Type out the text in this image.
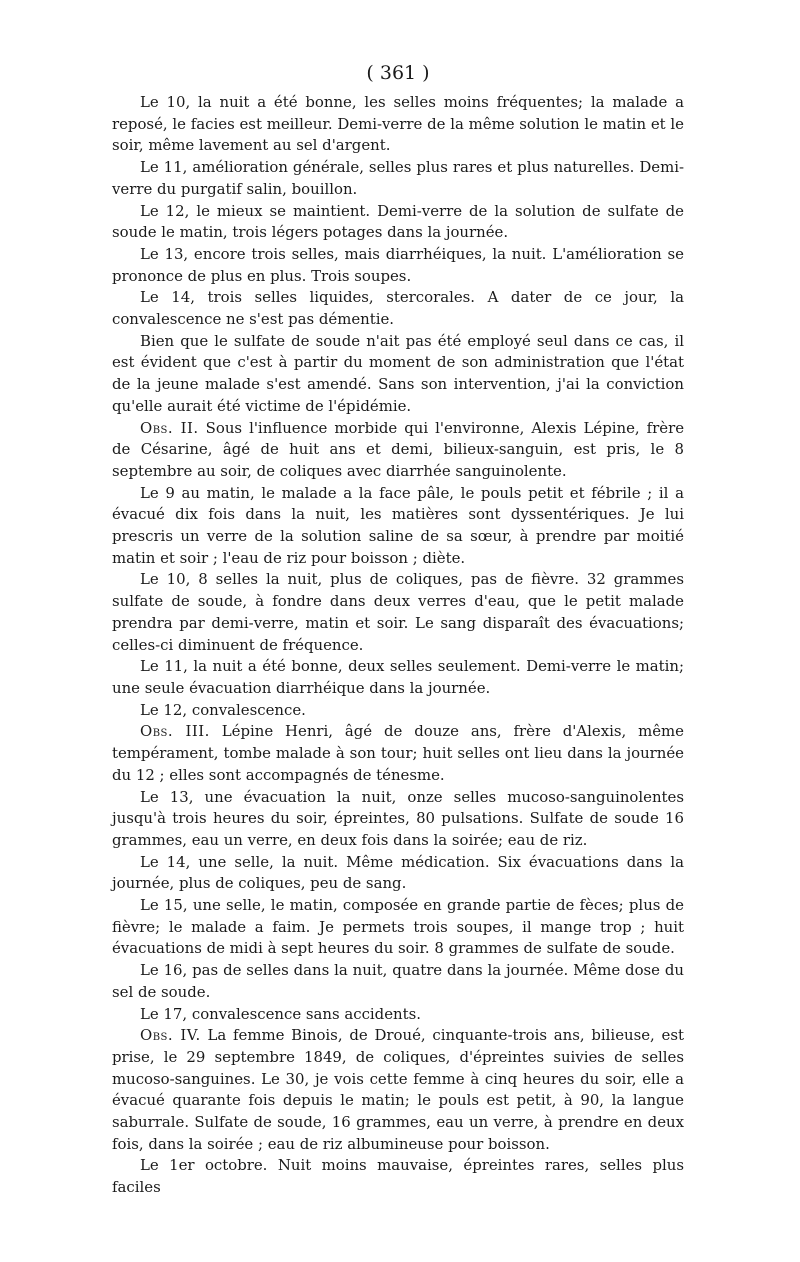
( 361 )

Le 10, la nuit a été bonne, les selles moins fréquentes; la malade a reposé, le facies est meilleur. Demi-verre de la même solution le matin et le soir, même lavement au sel d'argent.

Le 11, amélioration générale, selles plus rares et plus naturelles. Demi-verre du purgatif salin, bouillon.

Le 12, le mieux se maintient. Demi-verre de la solution de sulfate de soude le matin, trois légers potages dans la journée.

Le 13, encore trois selles, mais diarrhéiques, la nuit. L'amélioration se prononce de plus en plus. Trois soupes.

Le 14, trois selles liquides, stercorales. A dater de ce jour, la convalescence ne s'est pas démentie.

Bien que le sulfate de soude n'ait pas été employé seul dans ce cas, il est évident que c'est à partir du moment de son administration que l'état de la jeune malade s'est amendé. Sans son intervention, j'ai la conviction qu'elle aurait été victime de l'épidémie.

Obs. II. Sous l'influence morbide qui l'environne, Alexis Lépine, frère de Césarine, âgé de huit ans et demi, bilieux-sanguin, est pris, le 8 septembre au soir, de coliques avec diarrhée sanguinolente.

Le 9 au matin, le malade a la face pâle, le pouls petit et fébrile ; il a évacué dix fois dans la nuit, les matières sont dyssentériques. Je lui prescris un verre de la solution saline de sa sœur, à prendre par moitié matin et soir ; l'eau de riz pour boisson ; diète.

Le 10, 8 selles la nuit, plus de coliques, pas de fièvre. 32 grammes sulfate de soude, à fondre dans deux verres d'eau, que le petit malade prendra par demi-verre, matin et soir. Le sang disparaît des évacuations; celles-ci diminuent de fréquence.

Le 11, la nuit a été bonne, deux selles seulement. Demi-verre le matin; une seule évacuation diarrhéique dans la journée.

Le 12, convalescence.

Obs. III. Lépine Henri, âgé de douze ans, frère d'Alexis, même tempérament, tombe malade à son tour; huit selles ont lieu dans la journée du 12 ; elles sont accompagnés de ténesme.

Le 13, une évacuation la nuit, onze selles mucoso-sanguinolentes jusqu'à trois heures du soir, épreintes, 80 pulsations. Sulfate de soude 16 grammes, eau un verre, en deux fois dans la soirée; eau de riz.

Le 14, une selle, la nuit. Même médication. Six évacuations dans la journée, plus de coliques, peu de sang.

Le 15, une selle, le matin, composée en grande partie de fèces; plus de fièvre; le malade a faim. Je permets trois soupes, il mange trop ; huit évacuations de midi à sept heures du soir. 8 grammes de sulfate de soude.

Le 16, pas de selles dans la nuit, quatre dans la journée. Même dose du sel de soude.

Le 17, convalescence sans accidents.

Obs. IV. La femme Binois, de Droué, cinquante-trois ans, bilieuse, est prise, le 29 septembre 1849, de coliques, d'épreintes suivies de selles mucoso-sanguines. Le 30, je vois cette femme à cinq heures du soir, elle a évacué quarante fois depuis le matin; le pouls est petit, à 90, la langue saburrale. Sulfate de soude, 16 grammes, eau un verre, à prendre en deux fois, dans la soirée ; eau de riz albumineuse pour boisson.

Le 1er octobre. Nuit moins mauvaise, épreintes rares, selles plus faciles
